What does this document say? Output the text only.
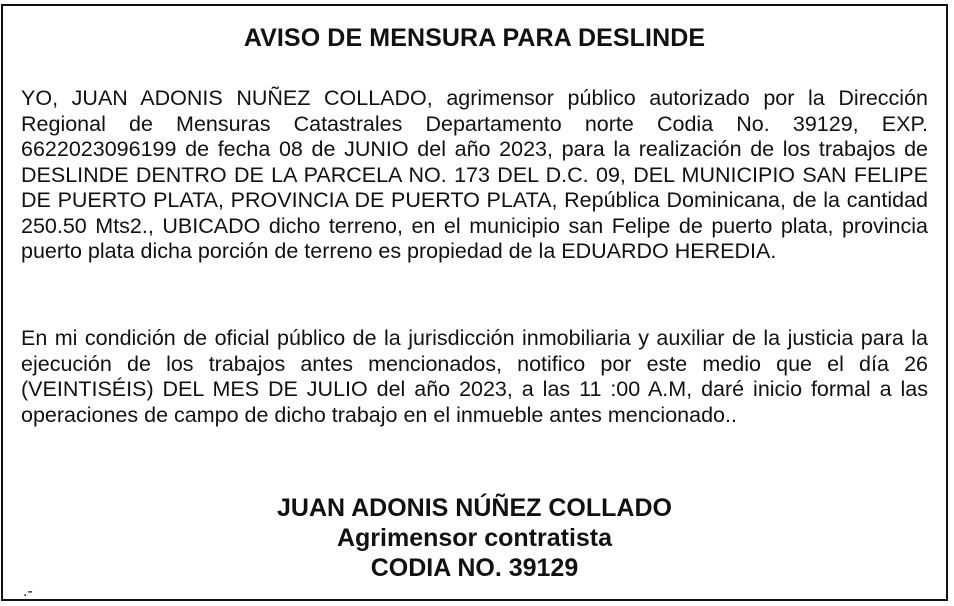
AVISO DE MENSURA PARA DESLINDE

YO, JUAN ADONIS NUÑEZ COLLADO, agrimensor público autorizado por la Dirección Regional de Mensuras Catastrales Departamento norte Codia No. 39129, EXP. 6622023096199 de fecha 08 de JUNIO del año 2023, para la realización de los trabajos de DESLINDE DENTRO DE LA PARCELA NO. 173 DEL D.C. 09, DEL MUNICIPIO SAN FELIPE DE PUERTO PLATA, PROVINCIA DE PUERTO PLATA, República Dominicana, de la cantidad 250.50 Mts2., UBICADO dicho terreno, en el municipio san Felipe de puerto plata, provincia puerto plata dicha porción de terreno es propiedad de la EDUARDO HEREDIA.

En mi condición de oficial público de la jurisdicción inmobiliaria y auxiliar de la justicia para la ejecución de los trabajos antes mencionados, notifico por este medio que el día 26 (VEINTISÉIS) DEL MES DE JULIO del año 2023, a las 11 :00 A.M, daré inicio formal a las operaciones de campo de dicho trabajo en el inmueble antes mencionado..

JUAN ADONIS NÚÑEZ COLLADO
Agrimensor contratista
CODIA NO. 39129
.-
